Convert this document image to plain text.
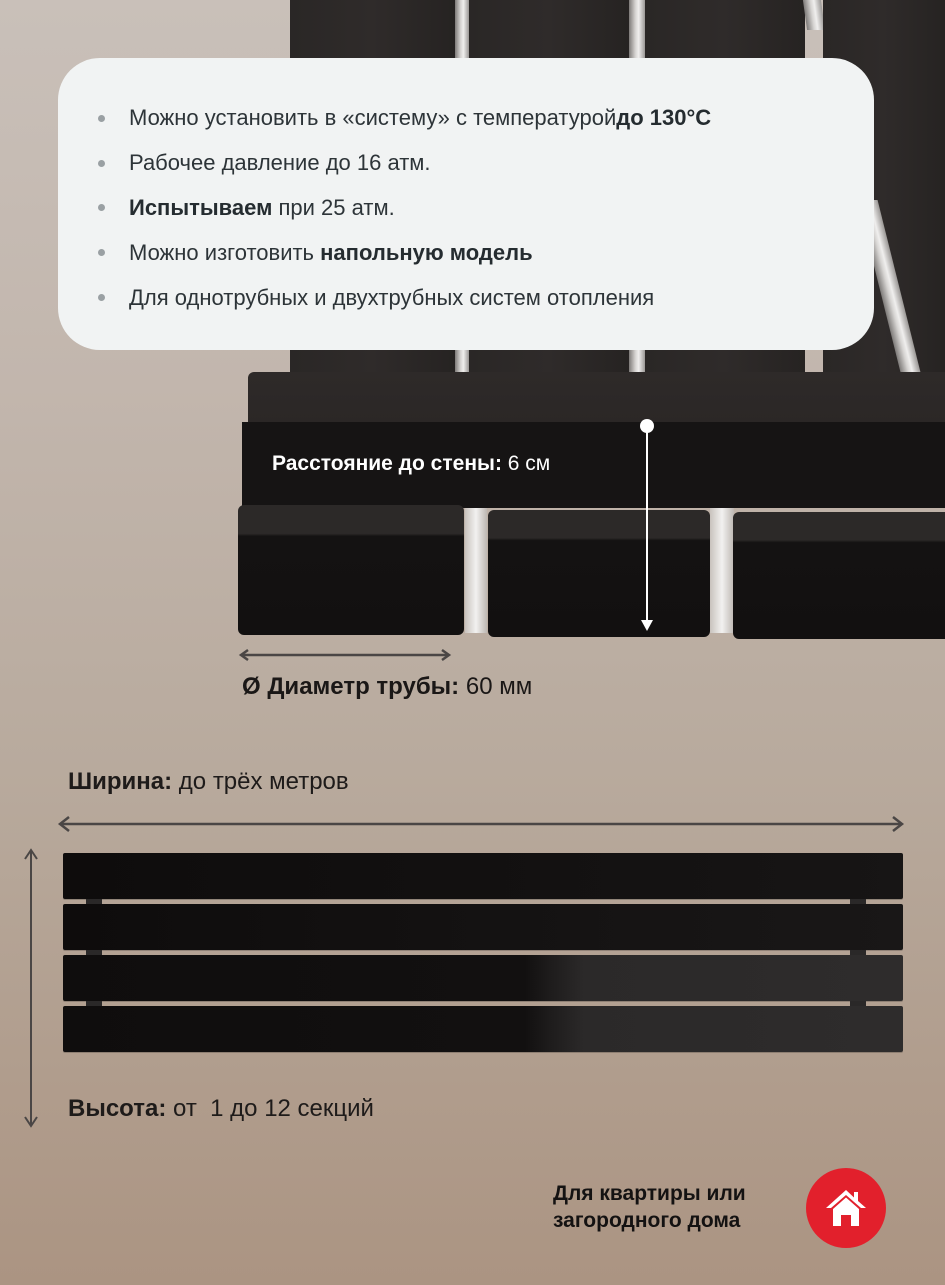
Можно установить в «систему» с температурой до 130°C
Рабочее давление до 16 атм.
Испытываем при 25 атм.
Можно изготовить напольную модель
Для однотрубных и двухтрубных систем отопления
Расстояние до стены: 6 см
Ø Диаметр трубы: 60 мм
Ширина: до трёх метров
Высота: от  1 до 12 секций
Для квартиры или
загородного дома
